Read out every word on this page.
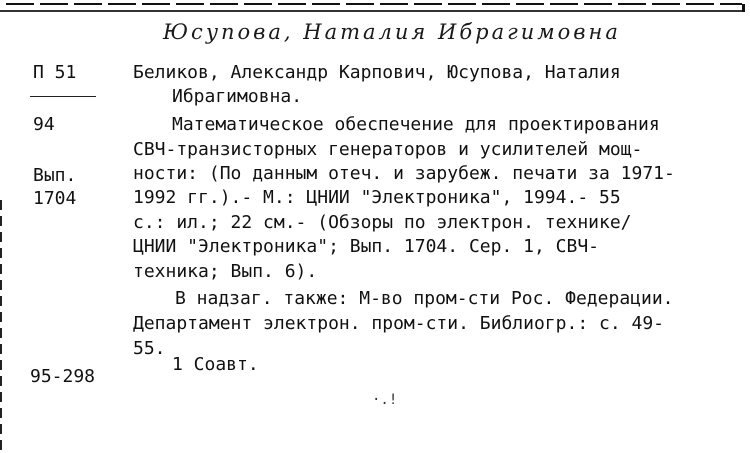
Юсупова, Наталия Ибрагимовна
П 51
94
Вып.
1704
95-298
Беликов, Александр Карпович, Юсупова, Наталия
Ибрагимовна.
Математическое обеспечение для проектирования
СВЧ-транзисторных генераторов и усилителей мощ-
ности: (По данным отеч. и зарубеж. печати за 1971-
1992 гг.).- М.: ЦНИИ "Электроника", 1994.- 55
с.: ил.; 22 см.- (Обзоры по электрон. технике/
ЦНИИ "Электроника"; Вып. 1704. Сер. 1, СВЧ-
техника; Вып. 6).
В надзаг. также: М-во пром-сти Рос. Федерации.
Департамент электрон. пром-сти. Библиогр.: с. 49-
55.
1 Соавт.
·.!
